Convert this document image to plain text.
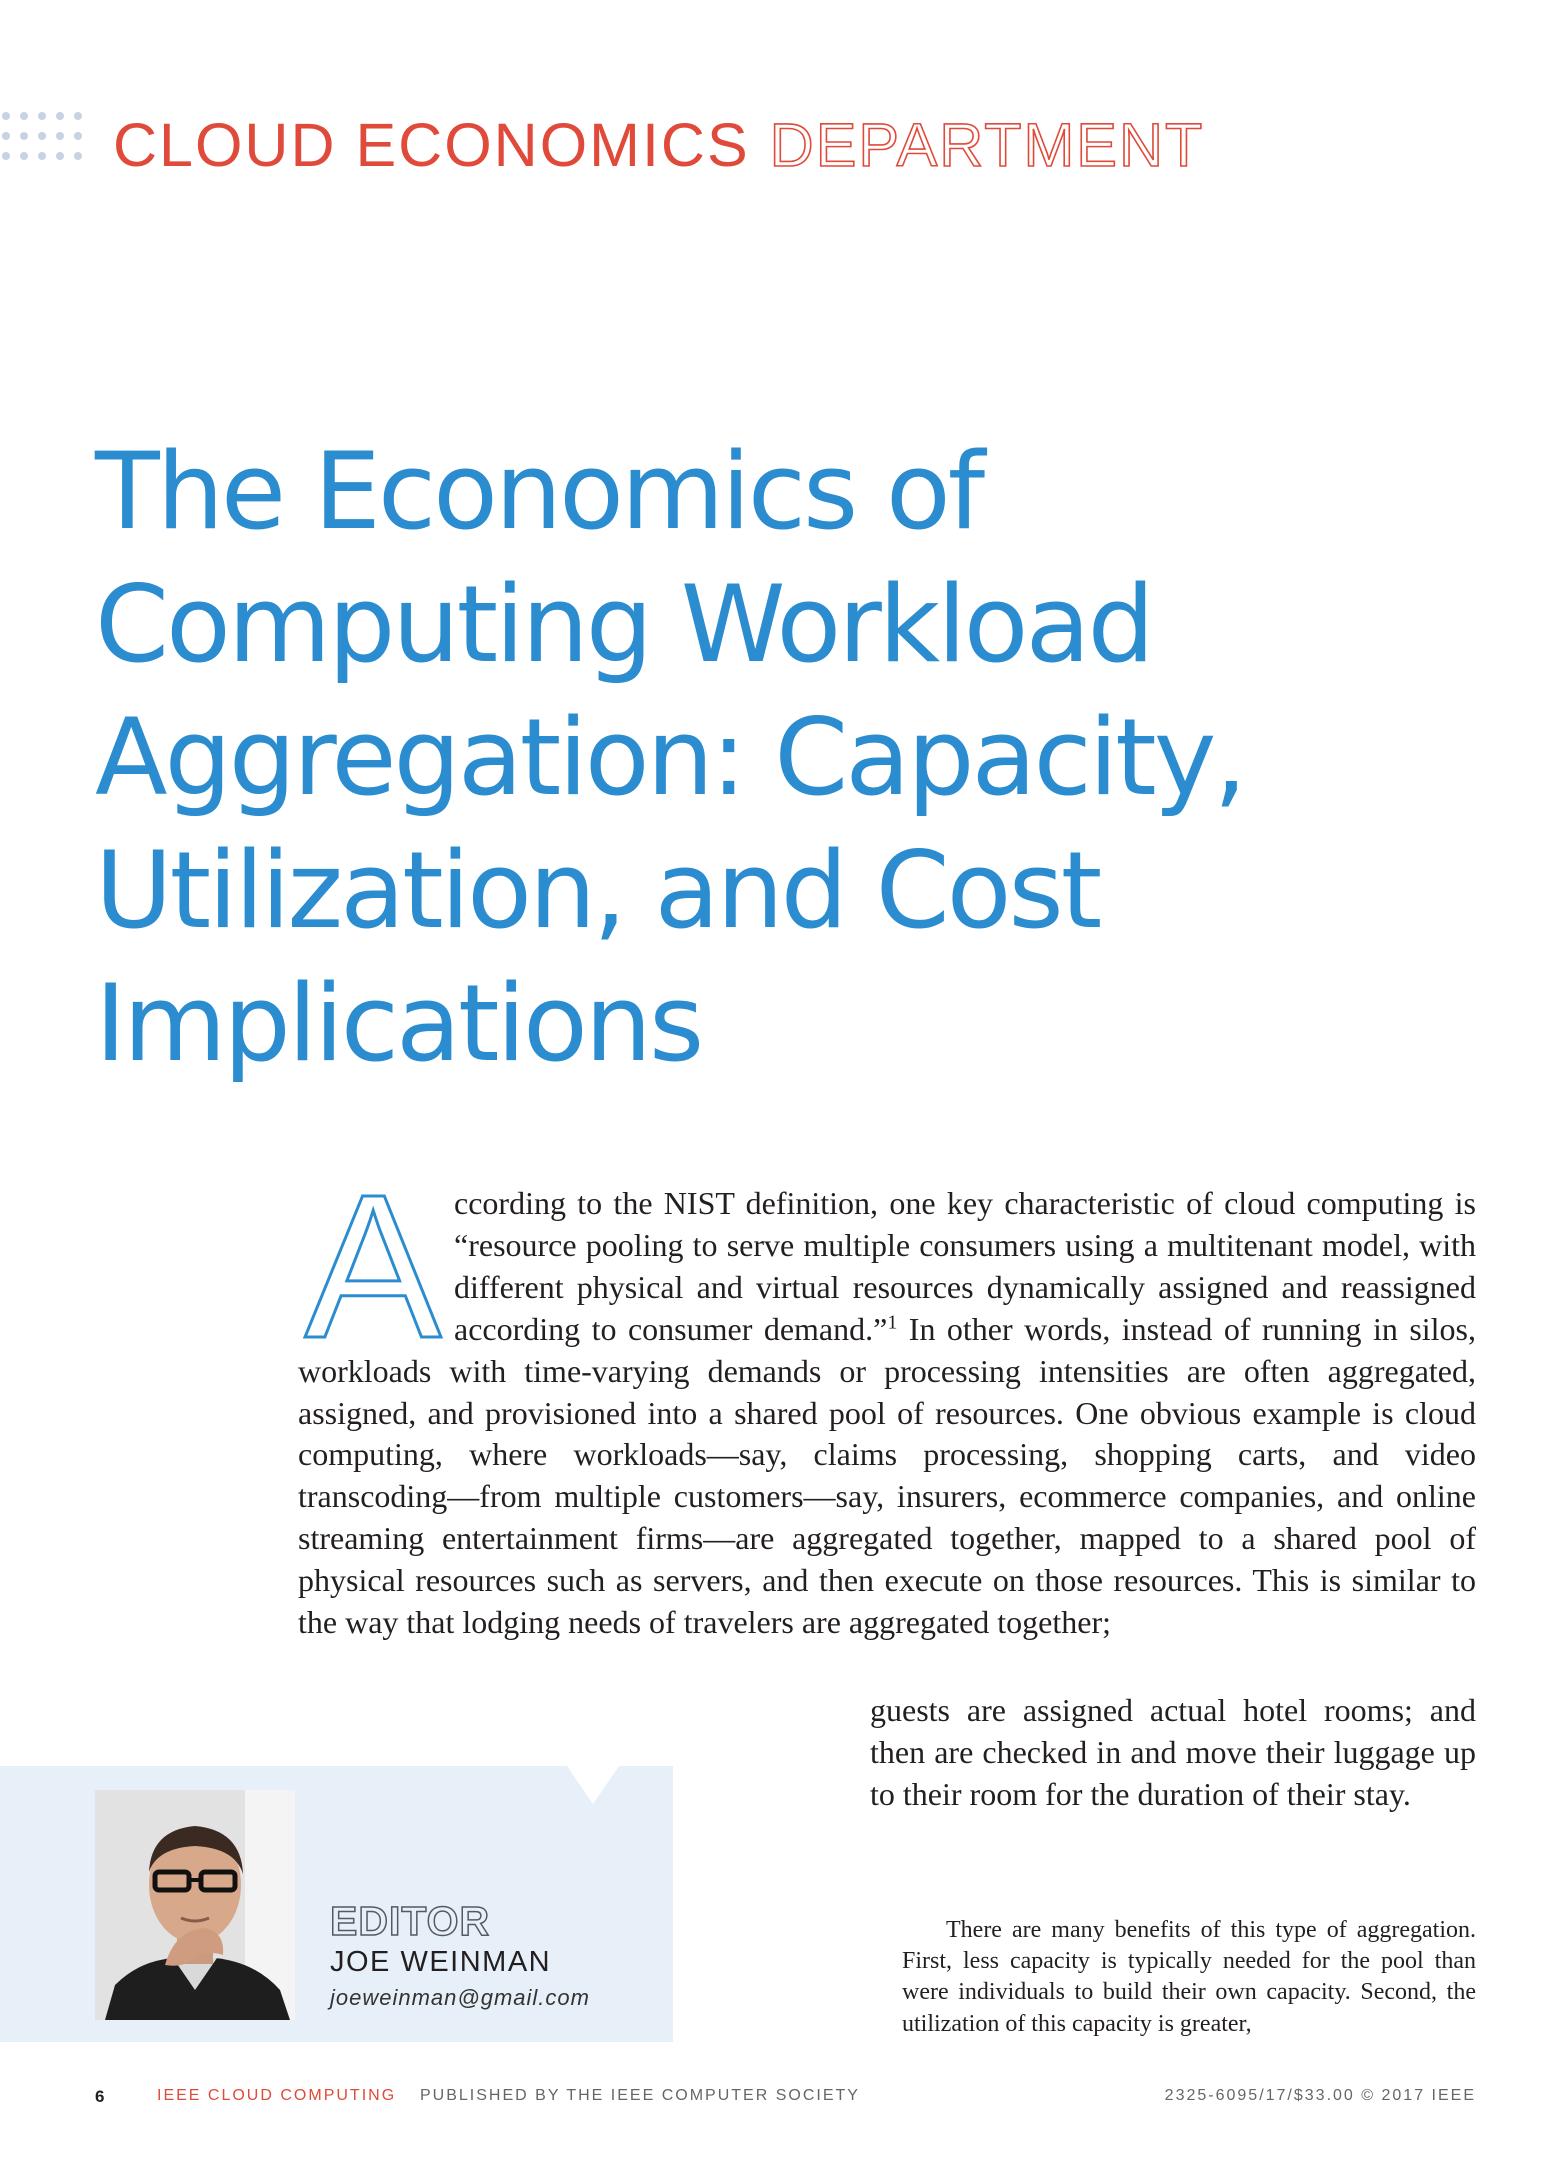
CLOUD ECONOMICS DEPARTMENT
The Economics of
Computing Workload
Aggregation: Capacity,
Utilization, and Cost
Implications
A ccording to the NIST definition, one key characteristic of cloud computing is “resource pooling to serve multiple consumers using a multitenant model, with different physical and virtual resources dynamically assigned and reassigned according to consumer demand.”$^1$ In other words, instead of running in silos, workloads with time-varying demands or processing intensities are often aggregated, assigned, and provisioned into a shared pool of resources. One obvious example is cloud computing, where workloads—say, claims processing, shopping carts, and video transcoding—from multiple customers—say, insurers, ecommerce companies, and online streaming entertainment firms—are aggregated together, mapped to a shared pool of physical resources such as servers, and then execute on those resources. This is similar to the way that lodging needs of travelers are aggregated together;
guests are assigned actual hotel rooms; and then are checked in and move their luggage up to their room for the duration of their stay.
EDITOR
JOE WEINMAN
joeweinman@gmail.com

There are many benefits of this type of aggregation. First, less capacity is typically needed for the pool than were individuals to build their own capacity. Second, the utilization of this capacity is greater,

6	IEEE CLOUD COMPUTING PUBLISHED BY THE IEEE COMPUTER SOCIETY	2325-6095/17/$33.00 © 2017 IEEE
